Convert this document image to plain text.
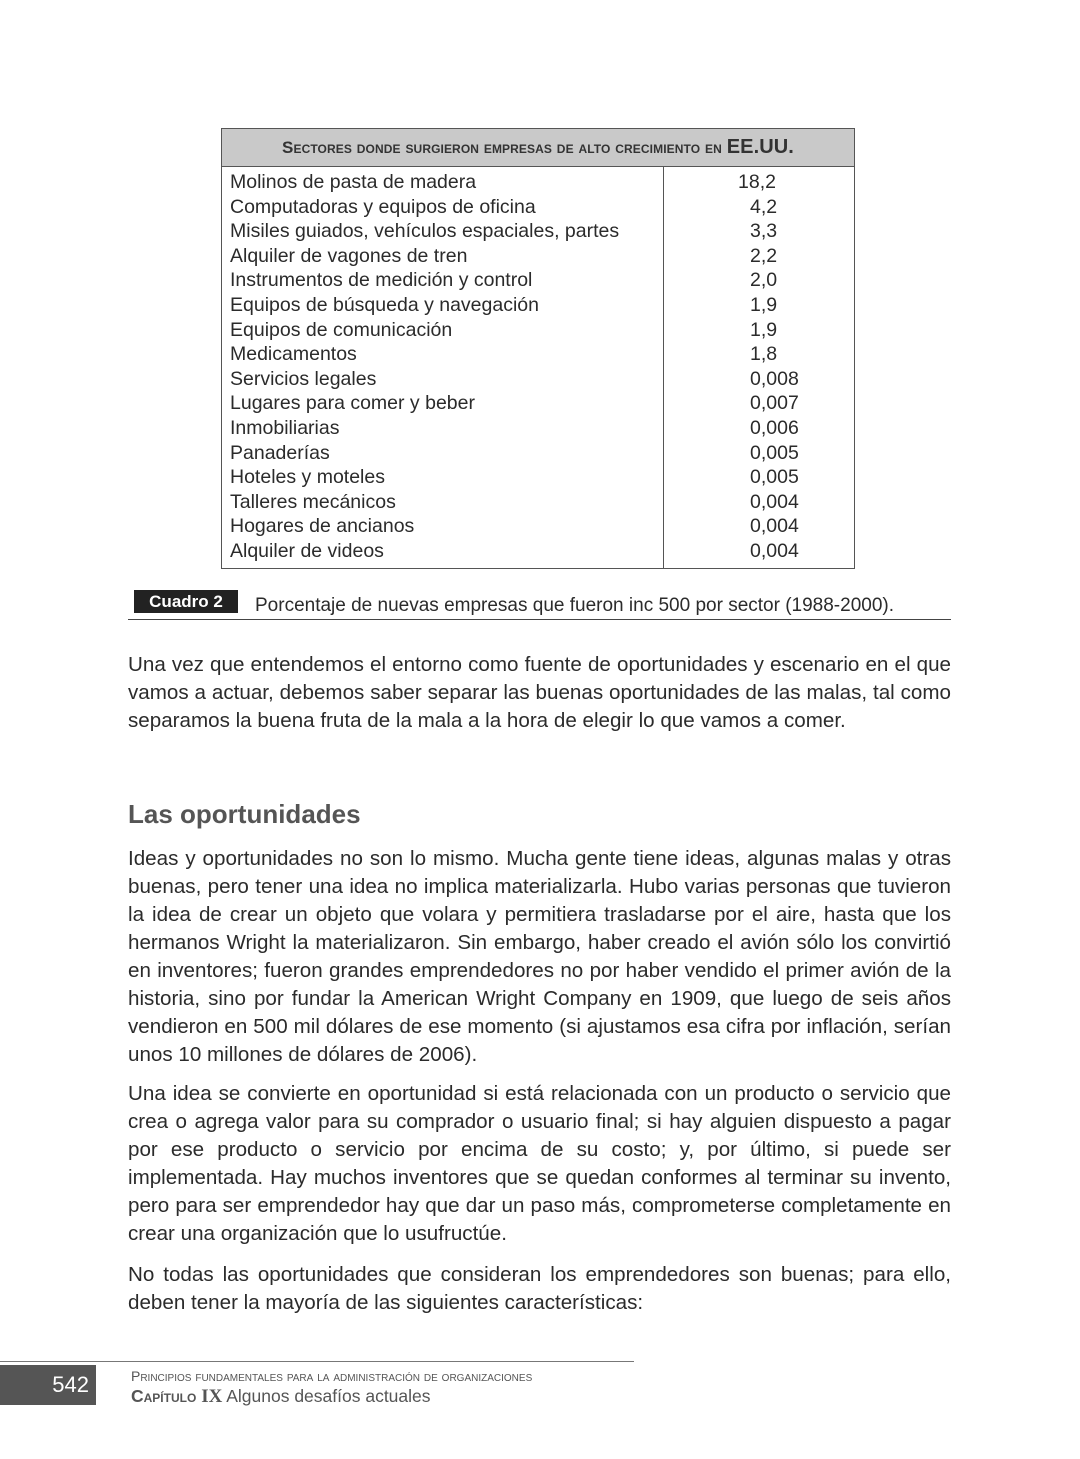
Sectores donde surgieron empresas de alto crecimiento en
EE.UU.
Molinos de pasta de madera
Computadoras y equipos de oficina
Misiles guiados, vehículos espaciales, partes
Alquiler de vagones de tren
Instrumentos de medición y control
Equipos de búsqueda y navegación
Equipos de comunicación
Medicamentos
Servicios legales
Lugares para comer y beber
Inmobiliarias
Panaderías
Hoteles y moteles
Talleres mecánicos
Hogares de ancianos
Alquiler de videos
18,2
4,2
3,3
2,2
2,0
1,9
1,9
1,8
0,008
0,007
0,006
0,005
0,005
0,004
0,004
0,004
Cuadro 2	Porcentaje de nuevas empresas que fueron inc 500 por sector (1988-2000).

Una vez que entendemos el entorno como fuente de oportunidades y escenario en el que vamos a actuar, debemos saber separar las buenas oportunidades de las malas, tal como separamos la buena fruta de la mala a la hora de elegir lo que vamos a comer.

Las oportunidades

Ideas y oportunidades no son lo mismo. Mucha gente tiene ideas, algunas malas y otras buenas, pero tener una idea no implica materializarla. Hubo varias personas que tuvieron la idea de crear un objeto que volara y permitiera trasladarse por el aire, hasta que los hermanos Wright la materializaron. Sin embargo, haber creado el avión sólo los convirtió en inventores; fueron grandes emprendedores no por haber vendido el primer avión de la historia, sino por fundar la American Wright Company en 1909, que luego de seis años vendieron en 500 mil dólares de ese momento (si ajustamos esa cifra por inflación, serían unos 10 millones de dólares de 2006).

Una idea se convierte en oportunidad si está relacionada con un producto o servicio que crea o agrega valor para su comprador o usuario final; si hay alguien dispuesto a pagar por ese producto o servicio por encima de su costo; y, por último, si puede ser implementada. Hay muchos inventores que se quedan conformes al terminar su invento, pero para ser emprendedor hay que dar un paso más, comprometerse completamente en crear una organización que lo usufructúe.

No todas las oportunidades que consideran los emprendedores son buenas; para ello, deben tener la mayoría de las siguientes características:

542	Principios fundamentales para la administración de organizaciones
Capítulo IX Algunos desafíos actuales
